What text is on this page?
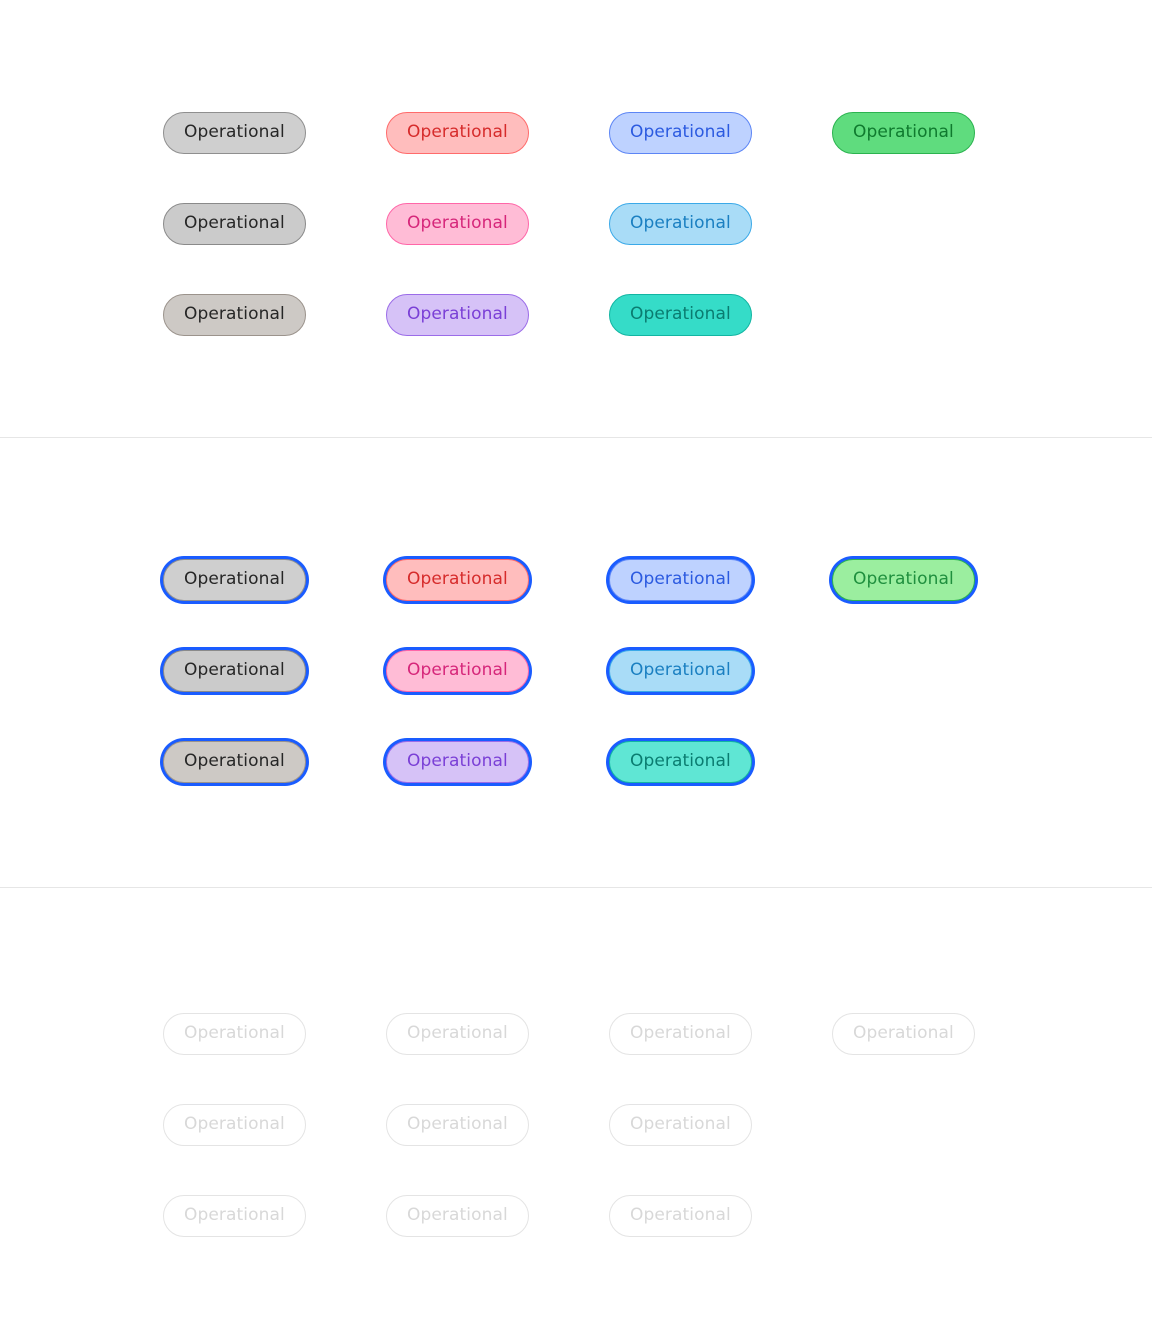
Operational	Operational	Operational	Operational
Operational	Operational	Operational
Operational	Operational	Operational
Operational	Operational	Operational	Operational
Operational	Operational	Operational
Operational	Operational	Operational
Operational	Operational	Operational	Operational
Operational	Operational	Operational
Operational	Operational	Operational
